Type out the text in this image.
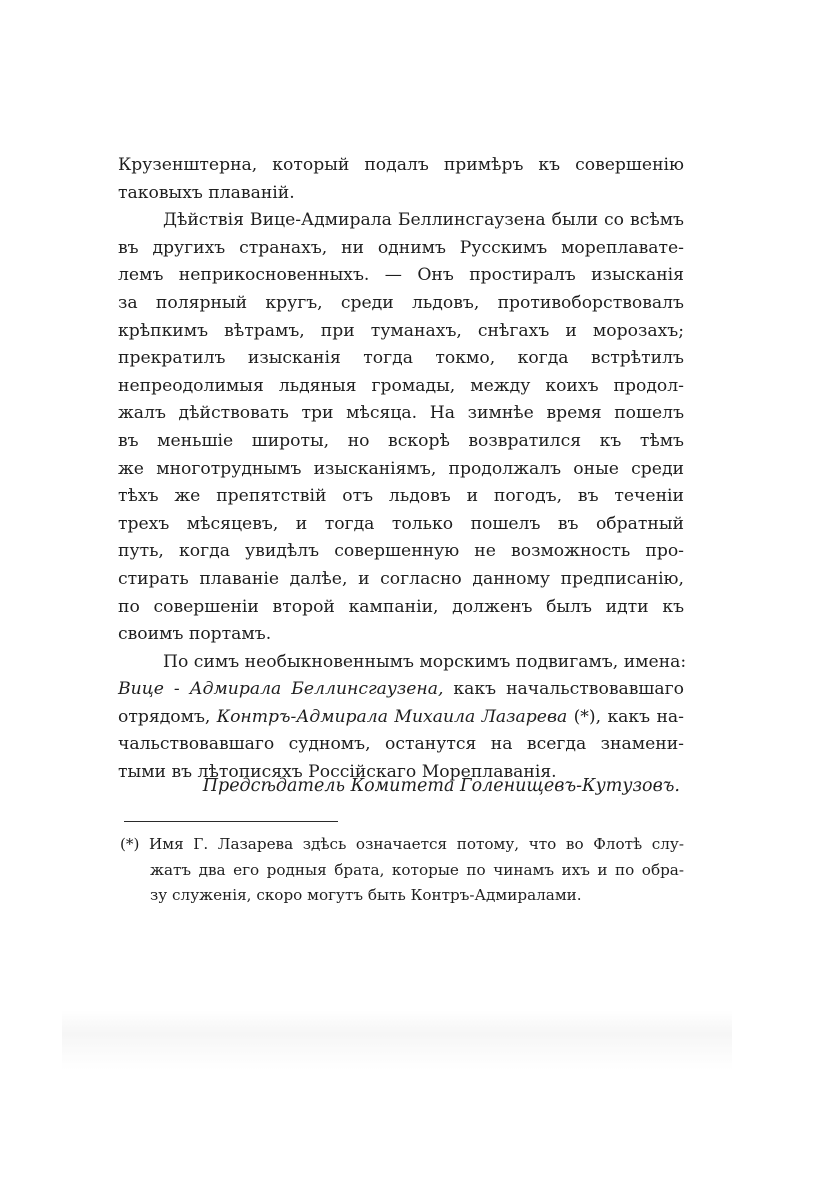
Крузенштерна, который подалъ примѣръ къ совершенію
таковыхъ плаваній.
Дѣйствія Вице-Адмирала Беллинсгаузена были со всѣмъ
въ другихъ странахъ, ни однимъ Русскимъ мореплавате-
лемъ неприкосновенныхъ. — Онъ простиралъ изысканія
за полярный кругъ, среди льдовъ, противоборствовалъ
крѣпкимъ вѣтрамъ, при туманахъ, снѣгахъ и морозахъ;
прекратилъ изысканія тогда токмо, когда встрѣтилъ
непреодолимыя льдяныя громады, между коихъ продол-
жалъ дѣйствовать три мѣсяца. На зимнѣе время пошелъ
въ меньшіе широты, но вскорѣ возвратился къ тѣмъ
же многотруднымъ изысканіямъ, продолжалъ оные среди
тѣхъ же препятствій отъ льдовъ и погодъ, въ теченіи
трехъ мѣсяцевъ, и тогда только пошелъ въ обратный
путь, когда увидѣлъ совершенную не возможность про-
стирать плаваніе далѣе, и согласно данному предписанію,
по совершеніи второй кампаніи, долженъ былъ идти къ
своимъ портамъ.
По симъ необыкновеннымъ морскимъ подвигамъ, имена:
Вице - Адмирала Беллинсгаузена, какъ начальствовавшаго
отрядомъ, Контръ-Адмирала Михаила Лазарева (*), какъ на-
чальствовавшаго судномъ, останутся на всегда знамени-
тыми въ лѣтописяхъ Россійскаго Мореплаванія.
Предсѣдатель Комитета Голенищевъ-Кутузовъ.
(*) Имя Г. Лазарева здѣсь означается потому, что во Флотѣ слу-
жатъ два его родныя брата, которые по чинамъ ихъ и по обра-
зу служенія, скоро могутъ быть Контръ-Адмиралами.
